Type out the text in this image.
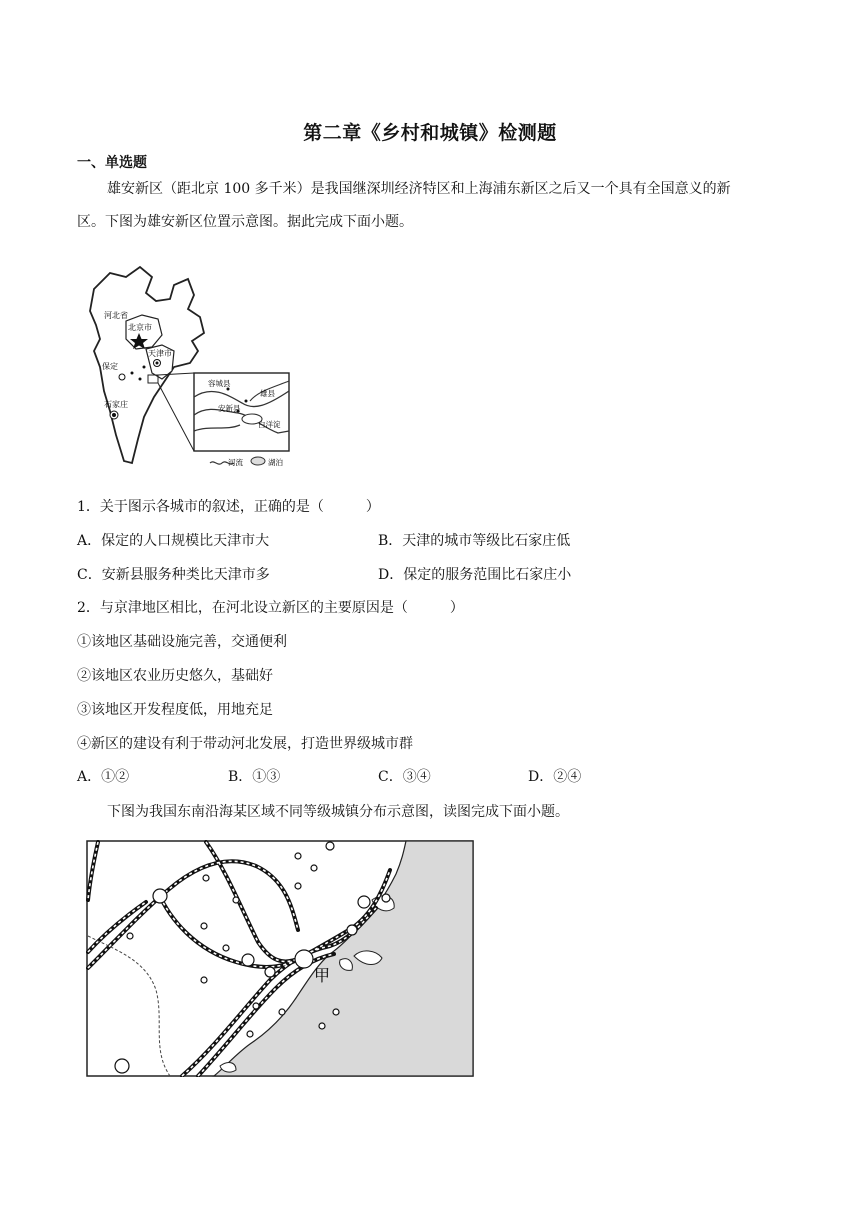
第二章《乡村和城镇》检测题
一、单选题
雄安新区（距北京 100 多千米）是我国继深圳经济特区和上海浦东新区之后又一个具有全国意义的新
区。下图为雄安新区位置示意图。据此完成下面小题。
河北省
北京市
天津市
保定
石家庄
容城县
雄县
安新县
白洋淀
河流	湖泊
1．关于图示各城市的叙述，正确的是（　　　）
A．保定的人口规模比天津市大	B．天津的城市等级比石家庄低
C．安新县服务种类比天津市多	D．保定的服务范围比石家庄小
2．与京津地区相比，在河北设立新区的主要原因是（　　　）
①该地区基础设施完善，交通便利
②该地区农业历史悠久，基础好
③该地区开发程度低，用地充足
④新区的建设有利于带动河北发展，打造世界级城市群
A．①②	B．①③	C．③④	D．②④
下图为我国东南沿海某区域不同等级城镇分布示意图，读图完成下面小题。
甲
